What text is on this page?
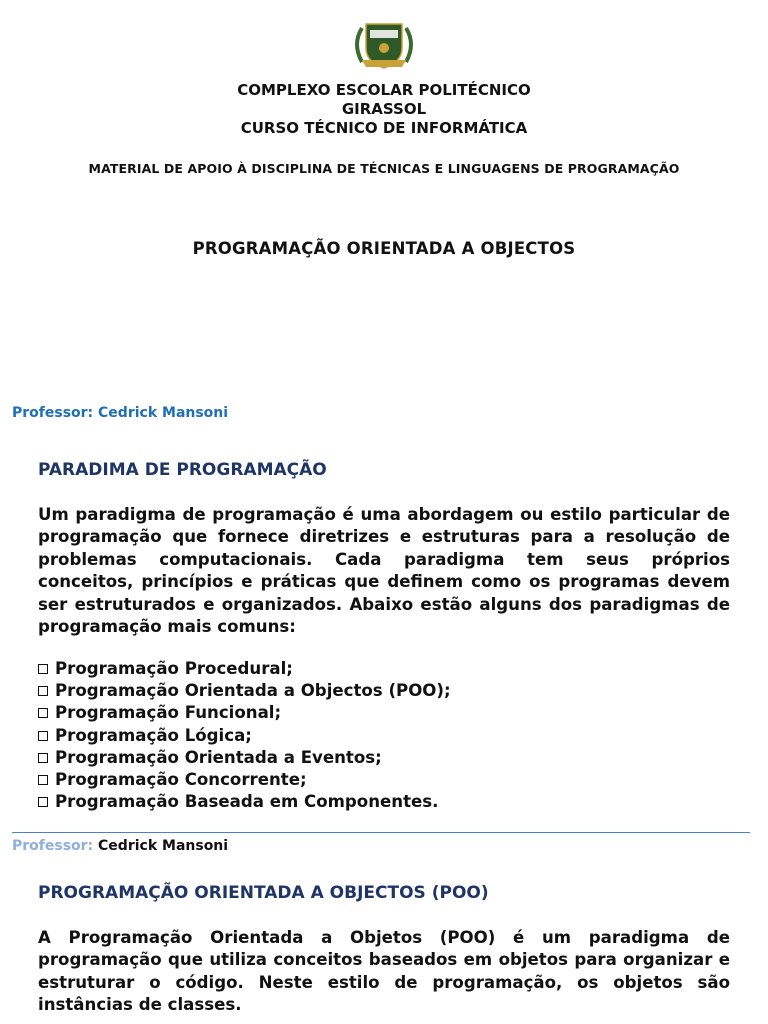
COMPLEXO ESCOLAR POLITÉCNICO
GIRASSOL
CURSO TÉCNICO DE INFORMÁTICA
MATERIAL DE APOIO À DISCIPLINA DE TÉCNICAS E LINGUAGENS DE PROGRAMAÇÃO
PROGRAMAÇÃO ORIENTADA A OBJECTOS
Professor: Cedrick Mansoni
PARADIMA DE PROGRAMAÇÃO

Um paradigma de programação é uma abordagem ou estilo particular de programação que fornece diretrizes e estruturas para a resolução de problemas computacionais. Cada paradigma tem seus próprios conceitos, princípios e práticas que definem como os programas devem ser estruturados e organizados. Abaixo estão alguns dos paradigmas de programação mais comuns:

Programação Procedural;
Programação Orientada a Objectos (POO);
Programação Funcional;
Programação Lógica;
Programação Orientada a Eventos;
Programação Concorrente;
Programação Baseada em Componentes.
Professor: Cedrick Mansoni
PROGRAMAÇÃO ORIENTADA A OBJECTOS (POO)

A Programação Orientada a Objetos (POO) é um paradigma de programação que utiliza conceitos baseados em objetos para organizar e estruturar o código. Neste estilo de programação, os objetos são instâncias de classes.
